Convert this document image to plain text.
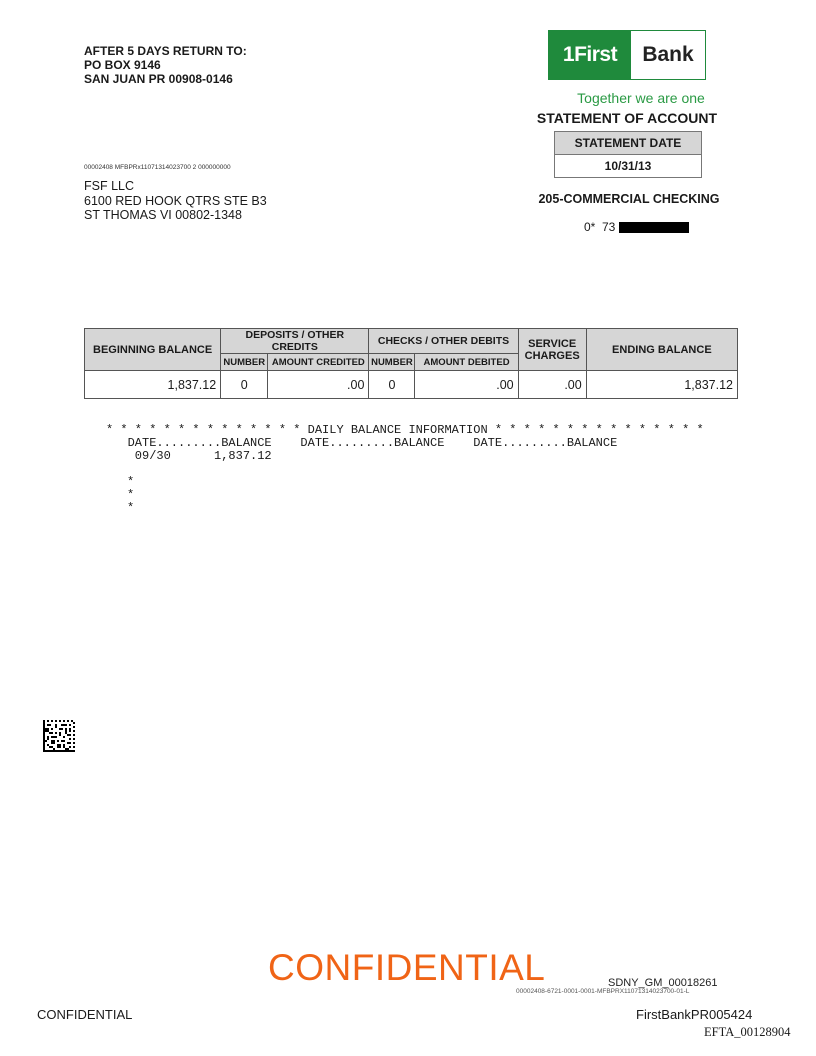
AFTER 5 DAYS RETURN TO:
PO BOX 9146
SAN JUAN PR 00908-0146
1First	Bank
Together we are one
STATEMENT OF ACCOUNT
STATEMENT DATE
10/31/13
205-COMMERCIAL CHECKING
0*  73
00002408 MFBPRx11071314023700 2 000000000
FSF LLC
6100 RED HOOK QTRS STE B3
ST THOMAS VI 00802-1348
BEGINNING BALANCE	DEPOSITS / OTHER CREDITS		CHECKS / OTHER DEBITS		SERVICE CHARGES	ENDING BALANCE
	NUMBER	AMOUNT CREDITED	NUMBER	AMOUNT DEBITED		
1,837.12	0	.00	0	.00	.00	1,837.12
* * * * * * * * * * * * * * DAILY BALANCE INFORMATION * * * * * * * * * * * * * * *
DATE.........BALANCE    DATE.........BALANCE    DATE.........BALANCE
09/30      1,837.12
*
*
*
CONFIDENTIAL	SDNY_GM_00018261
00002408-6721-0001-0001-MFBPRX11071314023700-01-L
CONFIDENTIAL	FirstBankPR005424
EFTA_00128904
